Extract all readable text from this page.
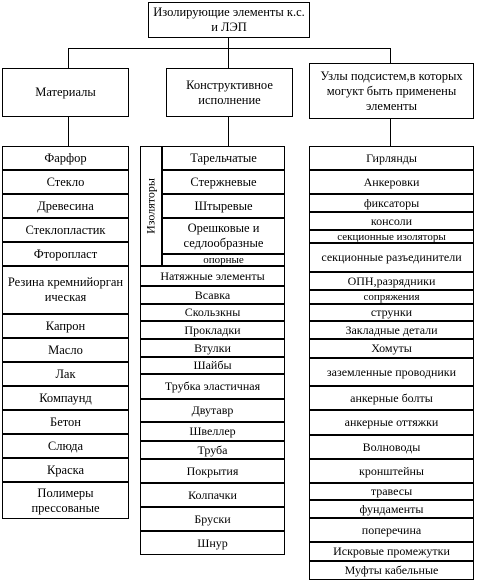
Изолирующие элементы к.с. и ЛЭП
Материалы
Конструктивное исполнение
Узлы подсистем,в которых могукт быть применены элементы
Фарфор
Стекло
Древесина
Стеклопластик
Фторопласт
Резина кремнийорганическая
Капрон
Масло
Лак
Компаунд
Бетон
Слюда
Краска
Полимеры прессованые
Изоляторы
Тарельчатые
Стержневые
Штыревые
Орешковые и седлообразные
опорные
Натяжные элементы
Всавка
Скользкны
Прокладки
Втулки
Шайбы
Трубка эластичная
Двутавр
Швеллер
Труба
Покрытия
Колпачки
Бруски
Шнур
Гирлянды
Анкеровки
фиксаторы
консоли
секционные изоляторы
секционные разъединители
ОПН,разрядники
сопряжения
струнки
Закладные детали
Хомуты
заземленные проводники
анкерные болты
анкерные оттяжки
Волноводы
кронштейны
травесы
фундаменты
поперечина
Искровые промежутки
Муфты кабельные
